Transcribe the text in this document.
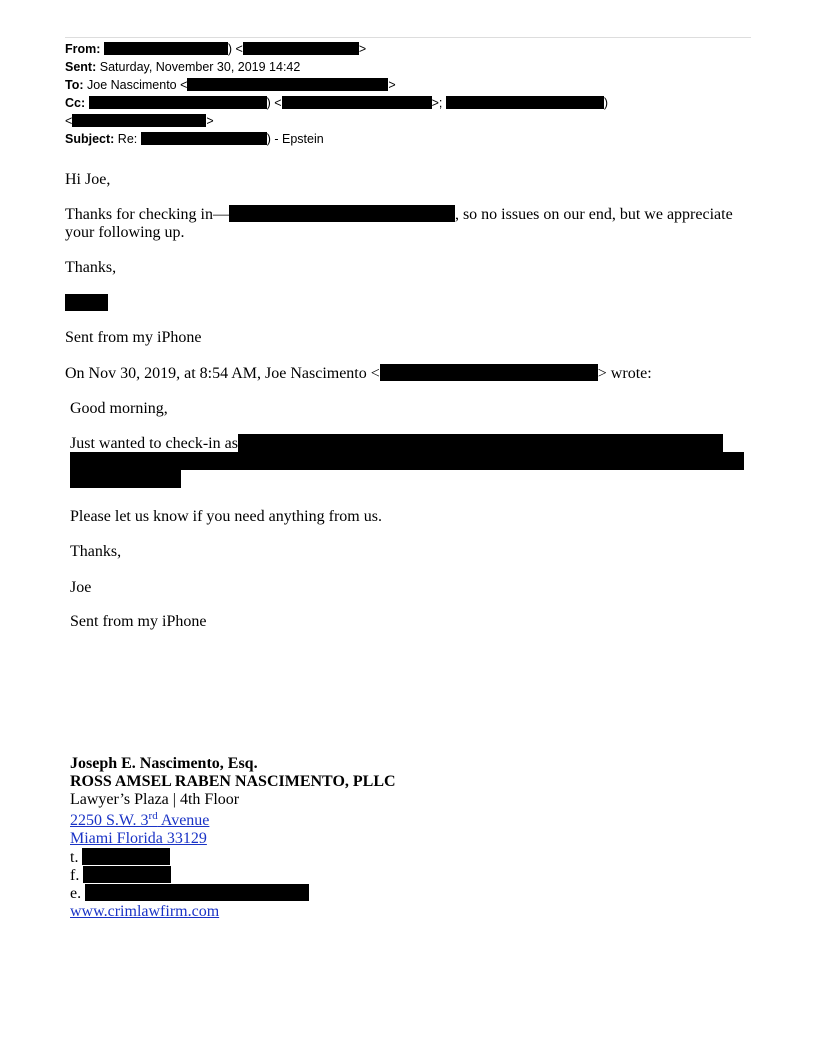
From:	) <	>
Sent: Saturday, November 30, 2019 14:42
To: Joe Nascimento <	>
Cc:	) <	>;	)
<	>
Subject: Re:	) - Epstein
Hi Joe,
Thanks for checking in—	, so no issues on our end, but we appreciate
your following up.
Thanks,
Sent from my iPhone
On Nov 30, 2019, at 8:54 AM, Joe Nascimento <	> wrote:
Good morning,
Just wanted to check-in as
Please let us know if you need anything from us.
Thanks,
Joe
Sent from my iPhone
Joseph E. Nascimento, Esq.
ROSS AMSEL RABEN NASCIMENTO, PLLC
Lawyer’s Plaza | 4th Floor
2250 S.W. 3rd Avenue
Miami Florida 33129
t.
f.
e.
www.crimlawfirm.com
